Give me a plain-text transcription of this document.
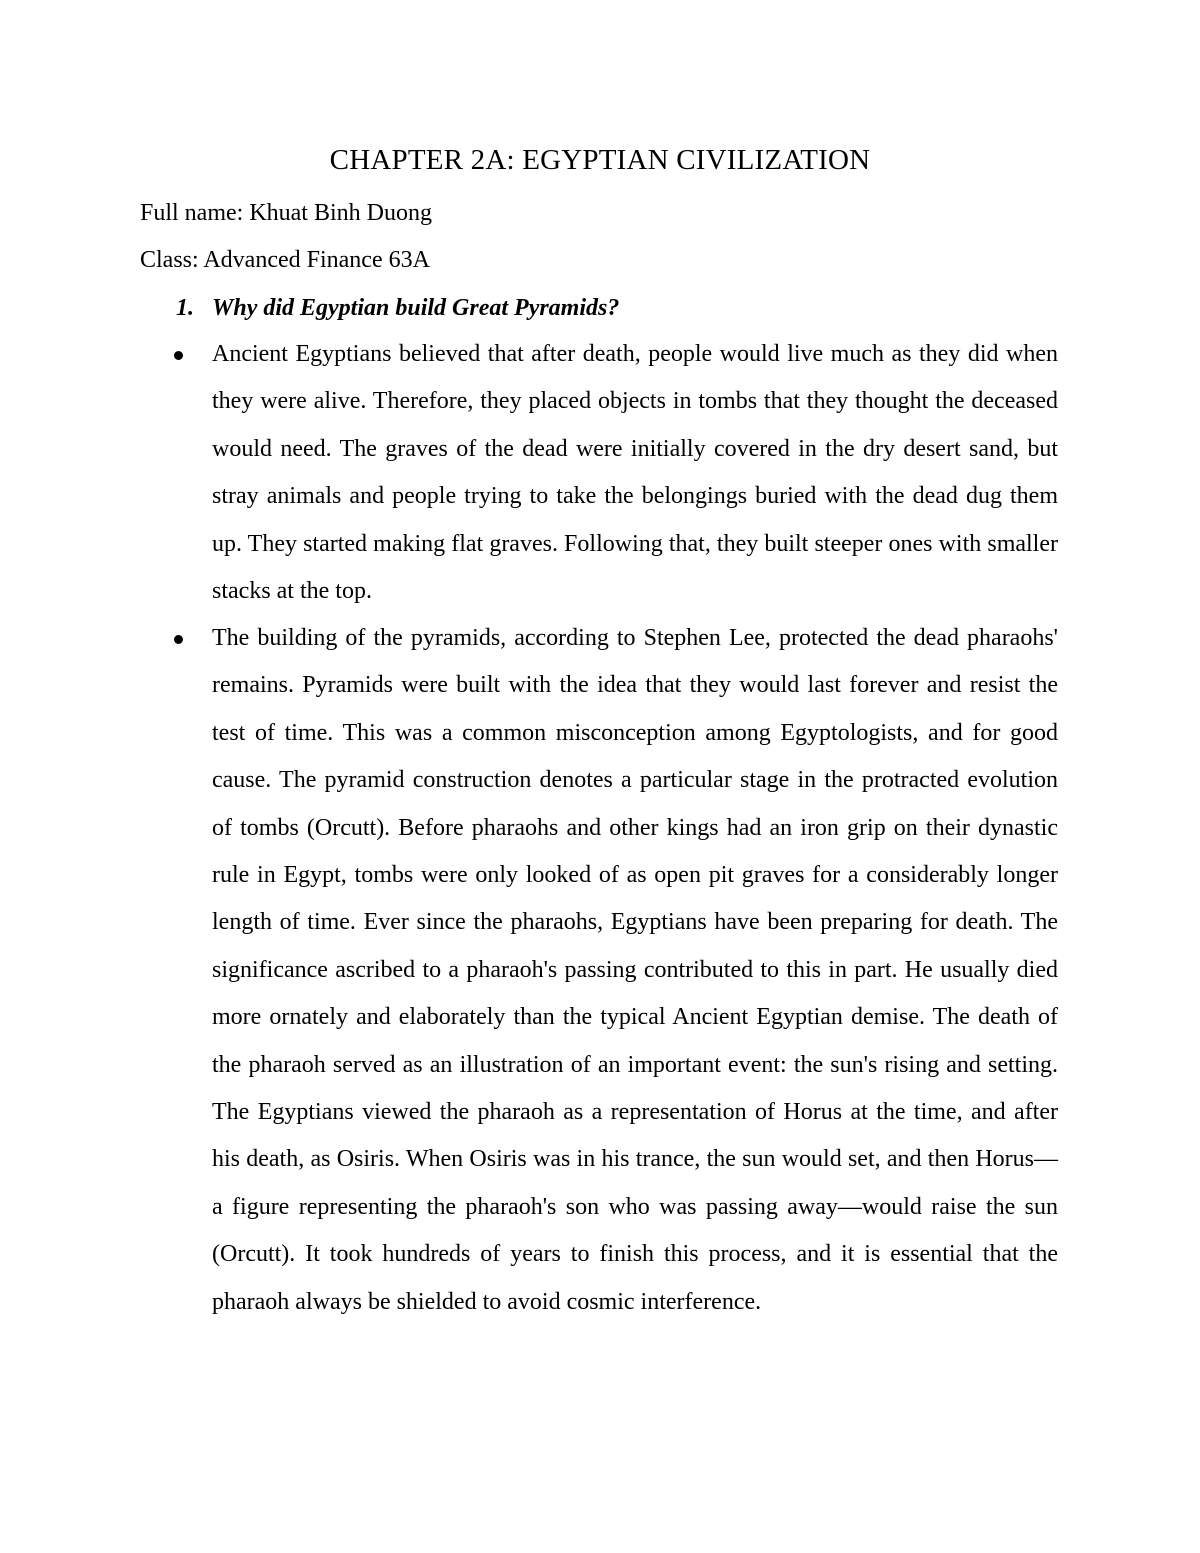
CHAPTER 2A: EGYPTIAN CIVILIZATION
Full name: Khuat Binh Duong
Class: Advanced Finance 63A
1. Why did Egyptian build Great Pyramids?
Ancient Egyptians believed that after death, people would live much as they did when they were alive. Therefore, they placed objects in tombs that they thought the deceased would need. The graves of the dead were initially covered in the dry desert sand, but stray animals and people trying to take the belongings buried with the dead dug them up. They started making flat graves. Following that, they built steeper ones with smaller stacks at the top.
The building of the pyramids, according to Stephen Lee, protected the dead pharaohs' remains. Pyramids were built with the idea that they would last forever and resist the test of time. This was a common misconception among Egyptologists, and for good cause. The pyramid construction denotes a particular stage in the protracted evolution of tombs (Orcutt). Before pharaohs and other kings had an iron grip on their dynastic rule in Egypt, tombs were only looked of as open pit graves for a considerably longer length of time. Ever since the pharaohs, Egyptians have been preparing for death. The significance ascribed to a pharaoh's passing contributed to this in part. He usually died more ornately and elaborately than the typical Ancient Egyptian demise. The death of the pharaoh served as an illustration of an important event: the sun's rising and setting. The Egyptians viewed the pharaoh as a representation of Horus at the time, and after his death, as Osiris. When Osiris was in his trance, the sun would set, and then Horus—a figure representing the pharaoh's son who was passing away—would raise the sun (Orcutt). It took hundreds of years to finish this process, and it is essential that the pharaoh always be shielded to avoid cosmic interference.
